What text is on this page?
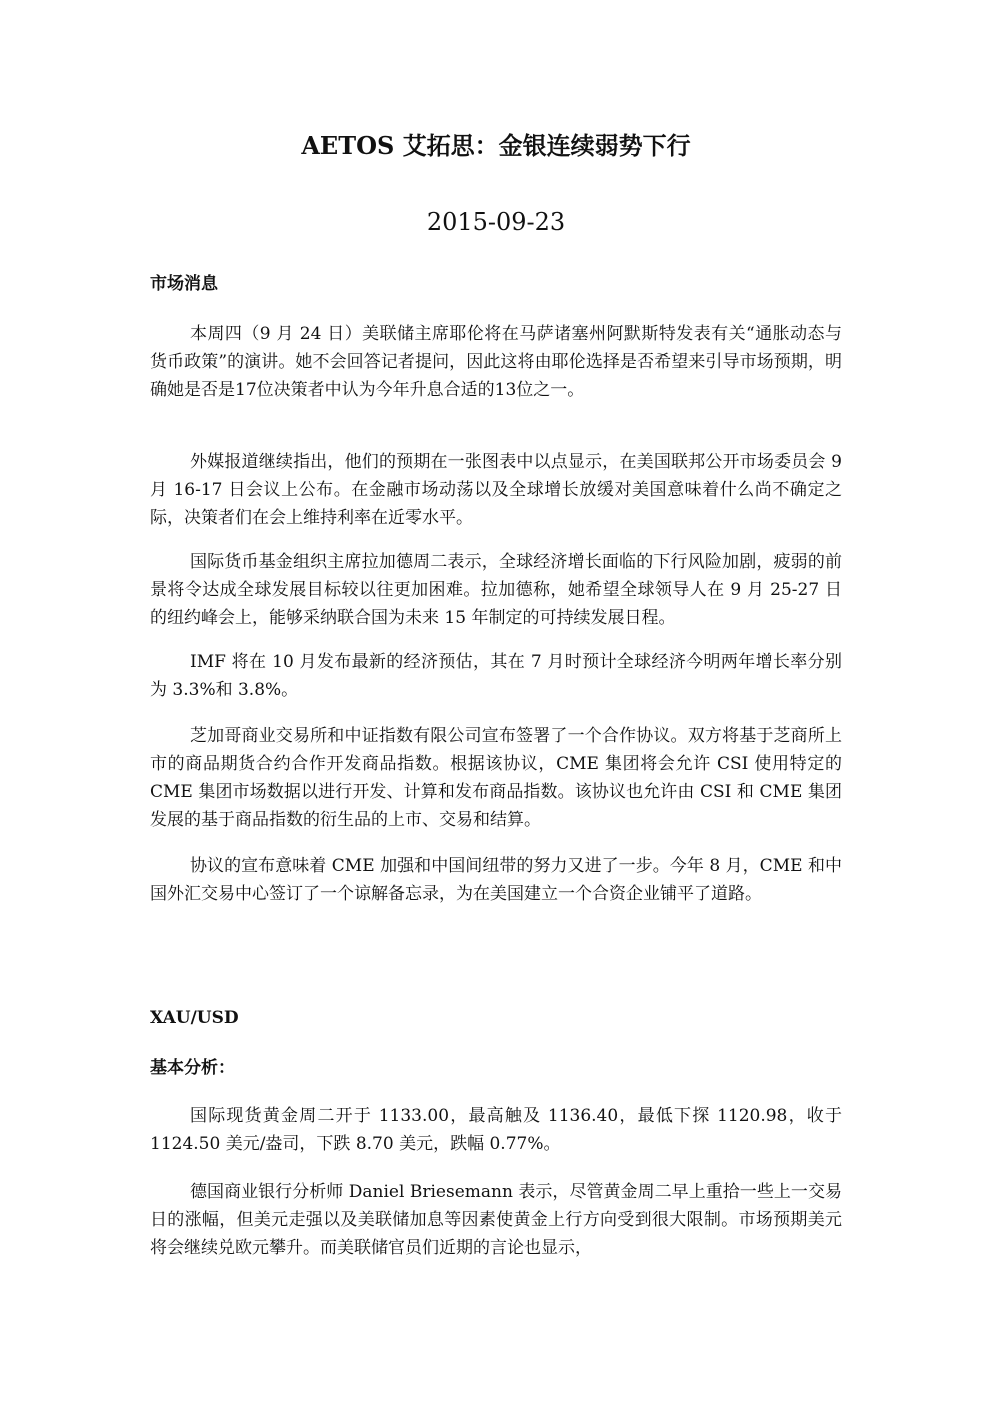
AETOS 艾拓思：金银连续弱势下行
2015-09-23
市场消息

本周四（9 月 24 日）美联储主席耶伦将在马萨诸塞州阿默斯特发表有关“通胀动态与货币政策”的演讲。她不会回答记者提问，因此这将由耶伦选择是否希望来引导市场预期，明确她是否是17位决策者中认为今年升息合适的13位之一。

外媒报道继续指出，他们的预期在一张图表中以点显示，在美国联邦公开市场委员会 9 月 16-17 日会议上公布。在金融市场动荡以及全球增长放缓对美国意味着什么尚不确定之际，决策者们在会上维持利率在近零水平。

国际货币基金组织主席拉加德周二表示，全球经济增长面临的下行风险加剧，疲弱的前景将令达成全球发展目标较以往更加困难。拉加德称，她希望全球领导人在 9 月 25-27 日的纽约峰会上，能够采纳联合国为未来 15 年制定的可持续发展日程。

IMF 将在 10 月发布最新的经济预估，其在 7 月时预计全球经济今明两年增长率分别为 3.3%和 3.8%。

芝加哥商业交易所和中证指数有限公司宣布签署了一个合作协议。双方将基于芝商所上市的商品期货合约合作开发商品指数。根据该协议，CME 集团将会允许 CSI 使用特定的 CME 集团市场数据以进行开发、计算和发布商品指数。该协议也允许由 CSI 和 CME 集团发展的基于商品指数的衍生品的上市、交易和结算。

协议的宣布意味着 CME 加强和中国间纽带的努力又进了一步。今年 8 月，CME 和中国外汇交易中心签订了一个谅解备忘录，为在美国建立一个合资企业铺平了道路。

XAU/USD
基本分析：

国际现货黄金周二开于 1133.00，最高触及 1136.40，最低下探 1120.98，收于 1124.50 美元/盎司，下跌 8.70 美元，跌幅 0.77%。

德国商业银行分析师 Daniel Briesemann 表示，尽管黄金周二早上重拾一些上一交易日的涨幅，但美元走强以及美联储加息等因素使黄金上行方向受到很大限制。市场预期美元将会继续兑欧元攀升。而美联储官员们近期的言论也显示，
